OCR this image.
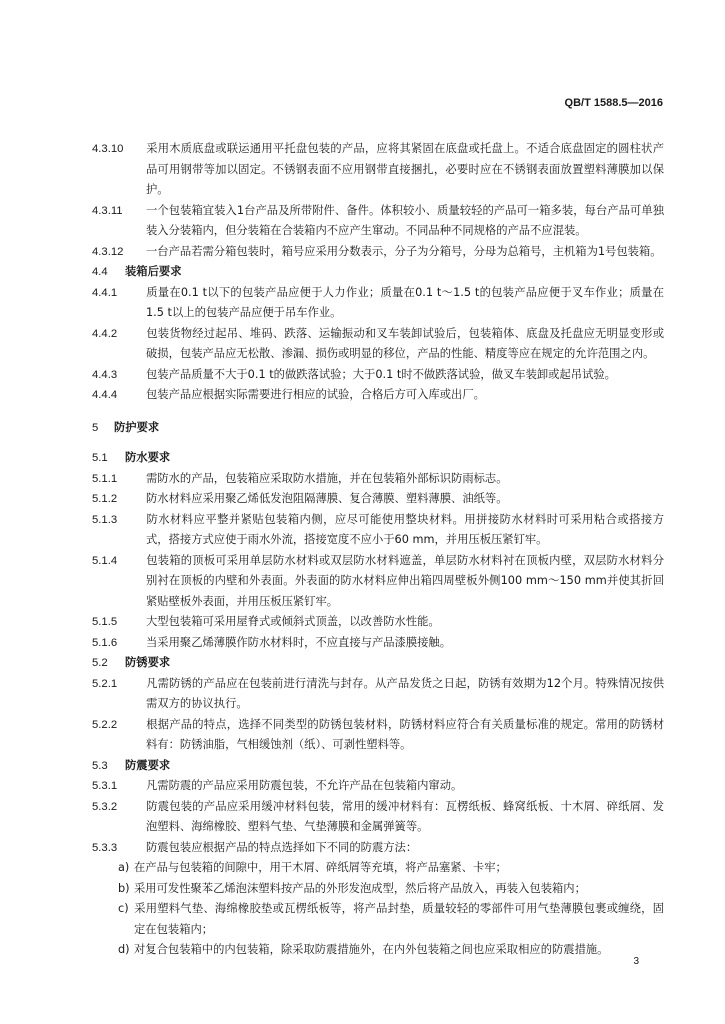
QB/T 1588.5—2016

4.3.10 采用木质底盘或联运通用平托盘包装的产品，应将其紧固在底盘或托盘上。不适合底盘固定的圆柱状产品可用钢带等加以固定。不锈钢表面不应用钢带直接捆扎，必要时应在不锈钢表面放置塑料薄膜加以保护。

4.3.11 一个包装箱宜装入1台产品及所带附件、备件。体积较小、质量较轻的产品可一箱多装，每台产品可单独装入分装箱内，但分装箱在合装箱内不应产生窜动。不同品种不同规格的产品不应混装。

4.3.12 一台产品若需分箱包装时，箱号应采用分数表示，分子为分箱号，分母为总箱号，主机箱为1号包装箱。

4.4 装箱后要求

4.4.1	质量在0.1 t以下的包装产品应便于人力作业；质量在0.1 t～1.5 t的包装产品应便于叉车作业；质量在1.5 t以上的包装产品应便于吊车作业。

4.4.2	包装货物经过起吊、堆码、跌落、运输振动和叉车装卸试验后，包装箱体、底盘及托盘应无明显变形或破损，包装产品应无松散、渗漏、损伤或明显的移位，产品的性能、精度等应在规定的允许范围之内。

4.4.3	包装产品质量不大于0.1 t的做跌落试验；大于0.1 t时不做跌落试验，做叉车装卸或起吊试验。

4.4.4	包装产品应根据实际需要进行相应的试验，合格后方可入库或出厂。

5 防护要求

5.1 防水要求

5.1.1	需防水的产品，包装箱应采取防水措施，并在包装箱外部标识防雨标志。

5.1.2	防水材料应采用聚乙烯低发泡阻隔薄膜、复合薄膜、塑料薄膜、油纸等。

5.1.3	防水材料应平整并紧贴包装箱内侧，应尽可能使用整块材料。用拼接防水材料时可采用粘合或搭接方式，搭接方式应使于雨水外流，搭接宽度不应小于60 mm，并用压板压紧钉牢。

5.1.4	包装箱的顶板可采用单层防水材料或双层防水材料遮盖，单层防水材料衬在顶板内壁，双层防水材料分别衬在顶板的内壁和外表面。外表面的防水材料应伸出箱四周壁板外侧100 mm～150 mm并使其折回紧贴壁板外表面，并用压板压紧钉牢。

5.1.5	大型包装箱可采用屋脊式或倾斜式顶盖，以改善防水性能。

5.1.6	当采用聚乙烯薄膜作防水材料时，不应直接与产品漆膜接触。

5.2 防锈要求

5.2.1	凡需防锈的产品应在包装前进行清洗与封存。从产品发货之日起，防锈有效期为12个月。特殊情况按供需双方的协议执行。

5.2.2	根据产品的特点，选择不同类型的防锈包装材料，防锈材料应符合有关质量标准的规定。常用的防锈材料有：防锈油脂，气相缓蚀剂（纸）、可剥性塑料等。

5.3 防震要求

5.3.1	凡需防震的产品应采用防震包装，不允许产品在包装箱内窜动。

5.3.2	防震包装的产品应采用缓冲材料包装，常用的缓冲材料有：瓦楞纸板、蜂窝纸板、十木屑、碎纸屑、发泡塑料、海绵橡胶、塑料气垫、气垫薄膜和金属弹簧等。

5.3.3	防震包装应根据产品的特点选择如下不同的防震方法：

a) 在产品与包装箱的间隙中，用干木屑、碎纸屑等充填，将产品塞紧、卡牢；

b) 采用可发性聚苯乙烯泡沫塑料按产品的外形发泡成型，然后将产品放入，再装入包装箱内；

c) 采用塑料气垫、海绵橡胶垫或瓦楞纸板等，将产品封垫，质量较轻的零部件可用气垫薄膜包裹或缠绕，固定在包装箱内；

d) 对复合包装箱中的内包装箱，除采取防震措施外，在内外包装箱之间也应采取相应的防震措施。

3
